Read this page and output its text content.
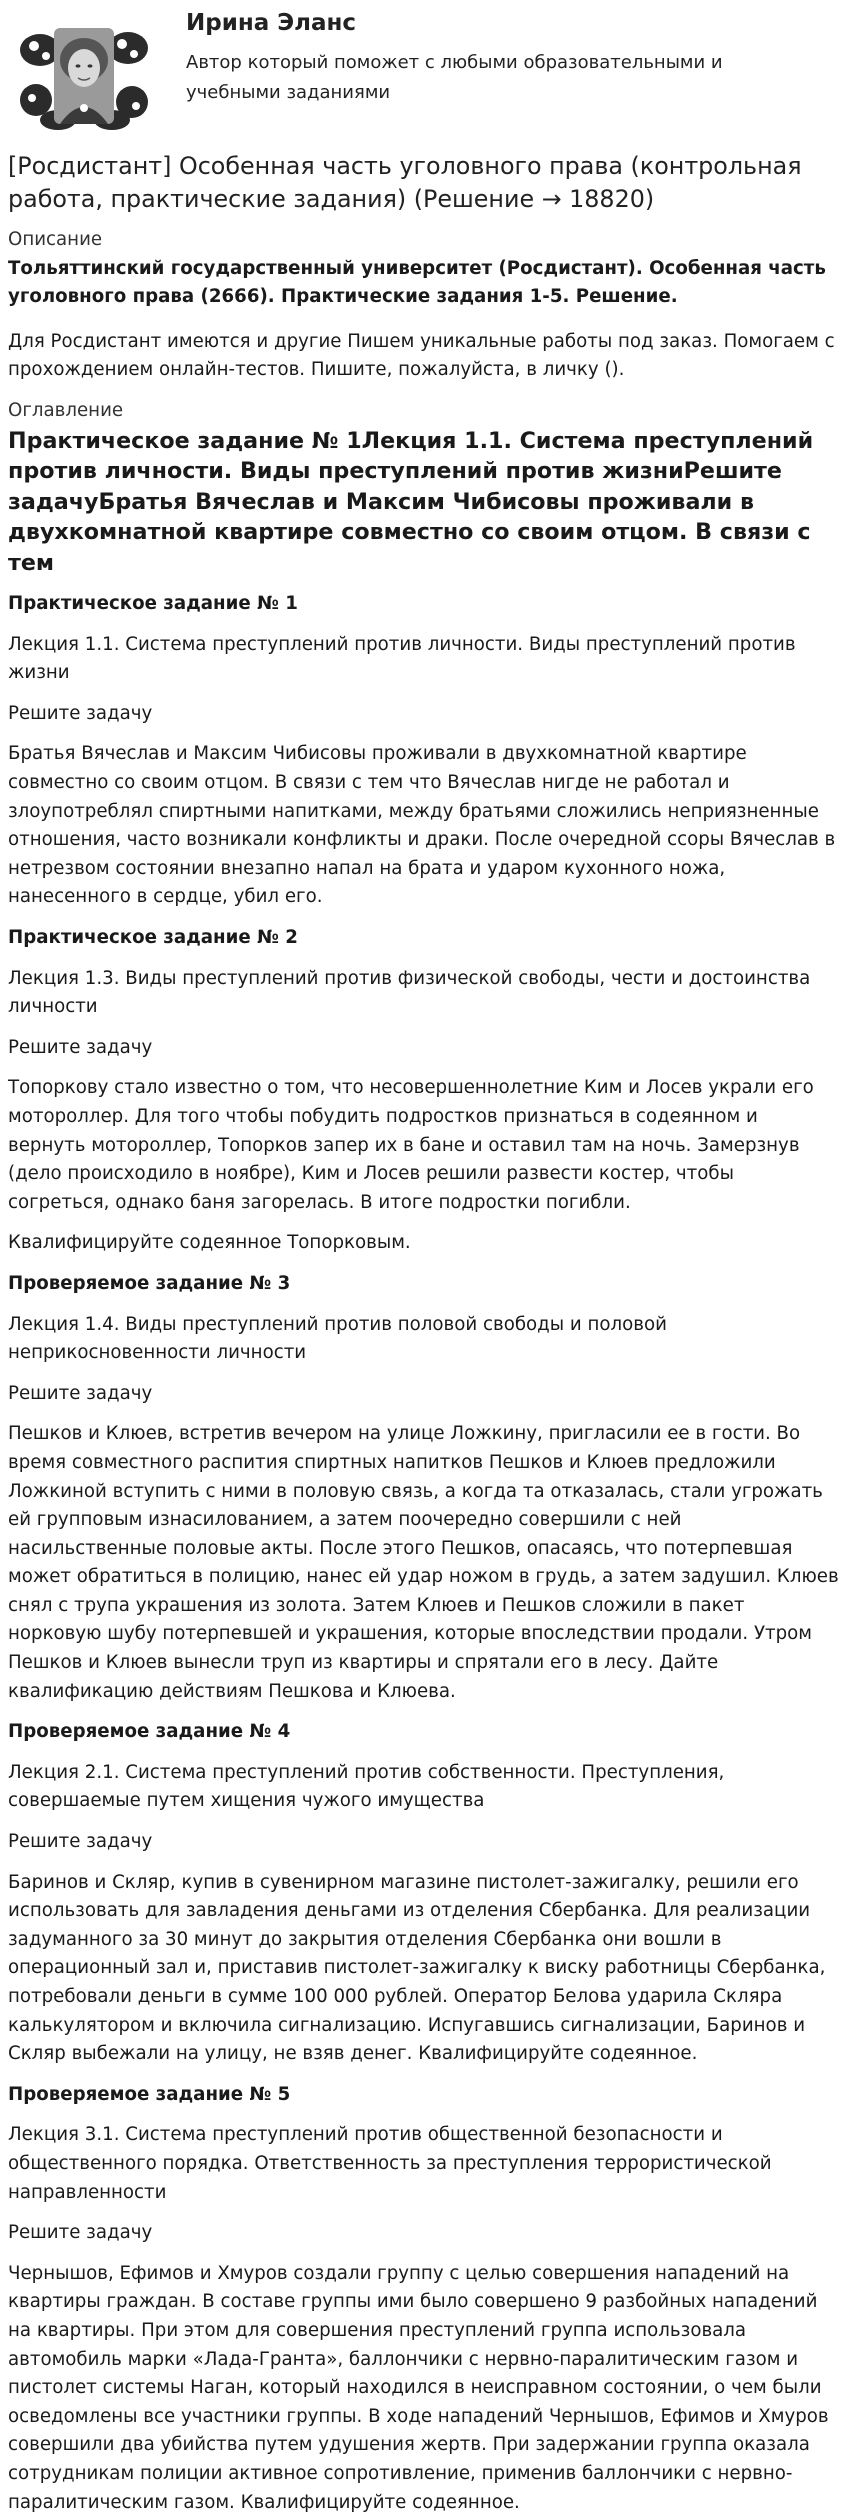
Ирина Эланс
Автор который поможет с любыми образовательными и учебными заданиями
[Росдистант] Особенная часть уголовного права (контрольная работа, практические задания) (Решение → 18820)

Описание

Тольяттинский государственный университет (Росдистант). Особенная часть уголовного права (2666). Практические задания 1-5. Решение.

Для Росдистант имеются и другие Пишем уникальные работы под заказ. Помогаем с прохождением онлайн-тестов. Пишите, пожалуйста, в личку ().

Оглавление

Практическое задание № 1Лекция 1.1. Система преступлений против личности. Виды преступлений против жизниРешите задачуБратья Вячеслав и Максим Чибисовы проживали в двухкомнатной квартире совместно со своим отцом. В связи с тем

Практическое задание № 1

Лекция 1.1. Система преступлений против личности. Виды преступлений против жизни

Решите задачу

Братья Вячеслав и Максим Чибисовы проживали в двухкомнатной квартире совместно со своим отцом. В связи с тем что Вячеслав нигде не работал и злоупотреблял спиртными напитками, между братьями сложились неприязненные отношения, часто возникали конфликты и драки. После очередной ссоры Вячеслав в нетрезвом состоянии внезапно напал на брата и ударом кухонного ножа, нанесенного в сердце, убил его.

Практическое задание № 2

Лекция 1.3. Виды преступлений против физической свободы, чести и достоинства личности

Решите задачу

Топоркову стало известно о том, что несовершеннолетние Ким и Лосев украли его мотороллер. Для того чтобы побудить подростков признаться в содеянном и вернуть мотороллер, Топорков запер их в бане и оставил там на ночь. Замерзнув (дело происходило в ноябре), Ким и Лосев решили развести костер, чтобы согреться, однако баня загорелась. В итоге подростки погибли.

Квалифицируйте содеянное Топорковым.

Проверяемое задание № 3

Лекция 1.4. Виды преступлений против половой свободы и половой неприкосновенности личности

Решите задачу

Пешков и Клюев, встретив вечером на улице Ложкину, пригласили ее в гости. Во время совместного распития спиртных напитков Пешков и Клюев предложили Ложкиной вступить с ними в половую связь, а когда та отказалась, стали угрожать ей групповым изнасилованием, а затем поочередно совершили с ней насильственные половые акты. После этого Пешков, опасаясь, что потерпевшая может обратиться в полицию, нанес ей удар ножом в грудь, а затем задушил. Клюев снял с трупа украшения из золота. Затем Клюев и Пешков сложили в пакет норковую шубу потерпевшей и украшения, которые впоследствии продали. Утром Пешков и Клюев вынесли труп из квартиры и спрятали его в лесу. Дайте квалификацию действиям Пешкова и Клюева.

Проверяемое задание № 4

Лекция 2.1. Система преступлений против собственности. Преступления, совершаемые путем хищения чужого имущества

Решите задачу

Баринов и Скляр, купив в сувенирном магазине пистолет-зажигалку, решили его использовать для завладения деньгами из отделения Сбербанка. Для реализации задуманного за 30 минут до закрытия отделения Сбербанка они вошли в операционный зал и, приставив пистолет-зажигалку к виску работницы Сбербанка, потребовали деньги в сумме 100 000 рублей. Оператор Белова ударила Скляра калькулятором и включила сигнализацию. Испугавшись сигнализации, Баринов и Скляр выбежали на улицу, не взяв денег. Квалифицируйте содеянное.

Проверяемое задание № 5

Лекция 3.1. Система преступлений против общественной безопасности и общественного порядка. Ответственность за преступления террористической направленности

Решите задачу

Чернышов, Ефимов и Хмуров создали группу с целью совершения нападений на квартиры граждан. В составе группы ими было совершено 9 разбойных нападений на квартиры. При этом для совершения преступлений группа использовала автомобиль марки «Лада-Гранта», баллончики с нервно-паралитическим газом и пистолет системы Наган, который находился в неисправном состоянии, о чем были осведомлены все участники группы. В ходе нападений Чернышов, Ефимов и Хмуров совершили два убийства путем удушения жертв. При задержании группа оказала сотрудникам полиции активное сопротивление, применив баллончики с нервно-паралитическим газом. Квалифицируйте содеянное.
